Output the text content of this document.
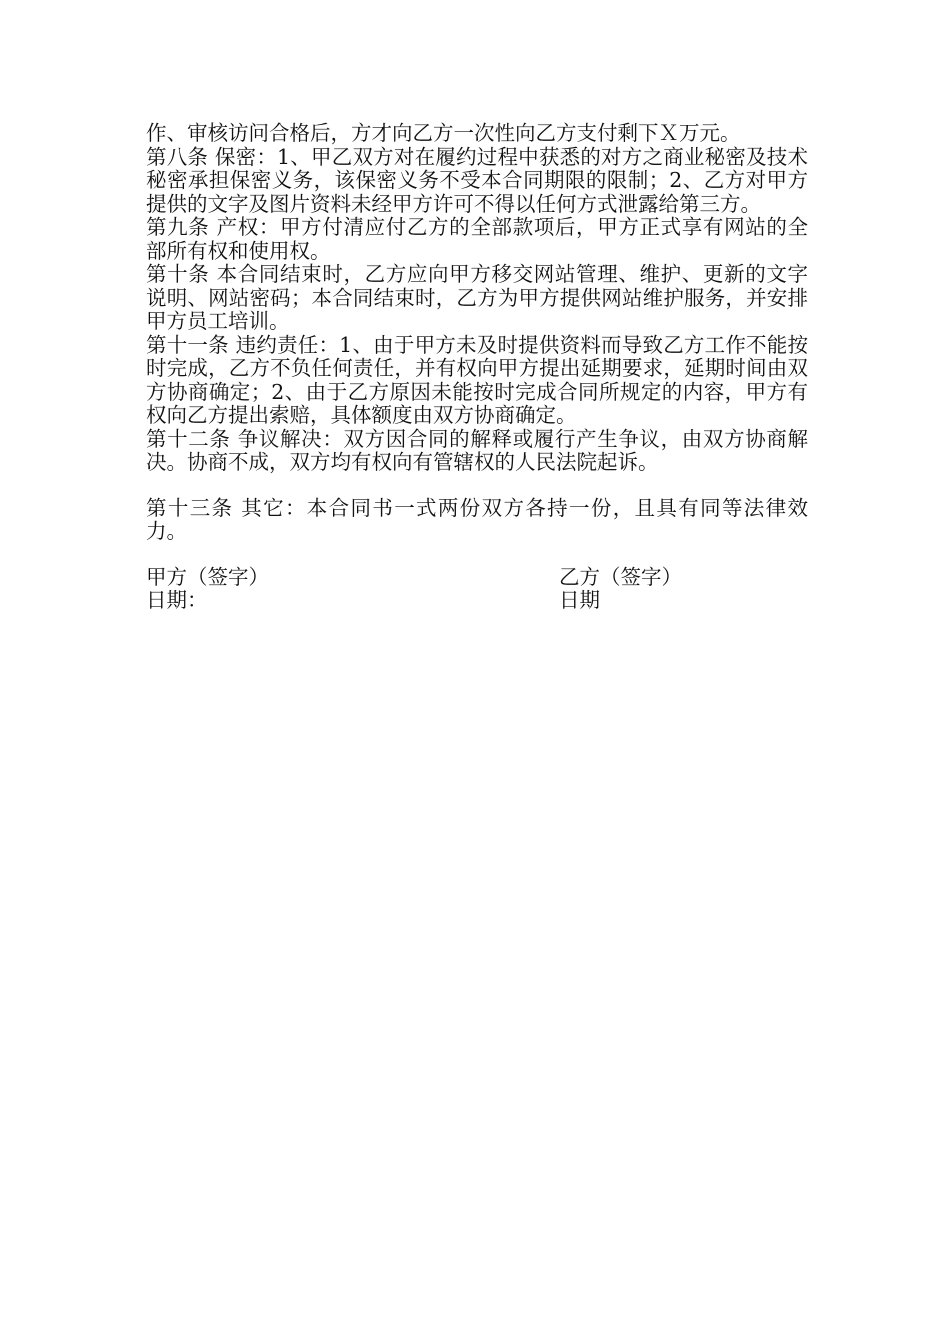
作、审核访问合格后，方才向乙方一次性向乙方支付剩下Ｘ万元。

第八条 保密：1、甲乙双方对在履约过程中获悉的对方之商业秘密及技术秘密承担保密义务，该保密义务不受本合同期限的限制；2、乙方对甲方提供的文字及图片资料未经甲方许可不得以任何方式泄露给第三方。

第九条 产权：甲方付清应付乙方的全部款项后，甲方正式享有网站的全部所有权和使用权。

第十条 本合同结束时，乙方应向甲方移交网站管理、维护、更新的文字说明、网站密码；本合同结束时，乙方为甲方提供网站维护服务，并安排甲方员工培训。

第十一条 违约责任：1、由于甲方未及时提供资料而导致乙方工作不能按时完成，乙方不负任何责任，并有权向甲方提出延期要求，延期时间由双方协商确定；2、由于乙方原因未能按时完成合同所规定的内容，甲方有权向乙方提出索赔，具体额度由双方协商确定。

第十二条 争议解决：双方因合同的解释或履行产生争议，由双方协商解决。协商不成，双方均有权向有管辖权的人民法院起诉。

第十三条 其它：本合同书一式两份双方各持一份，且具有同等法律效力。

甲方（签字）	乙方（签字）
日期：	日期
